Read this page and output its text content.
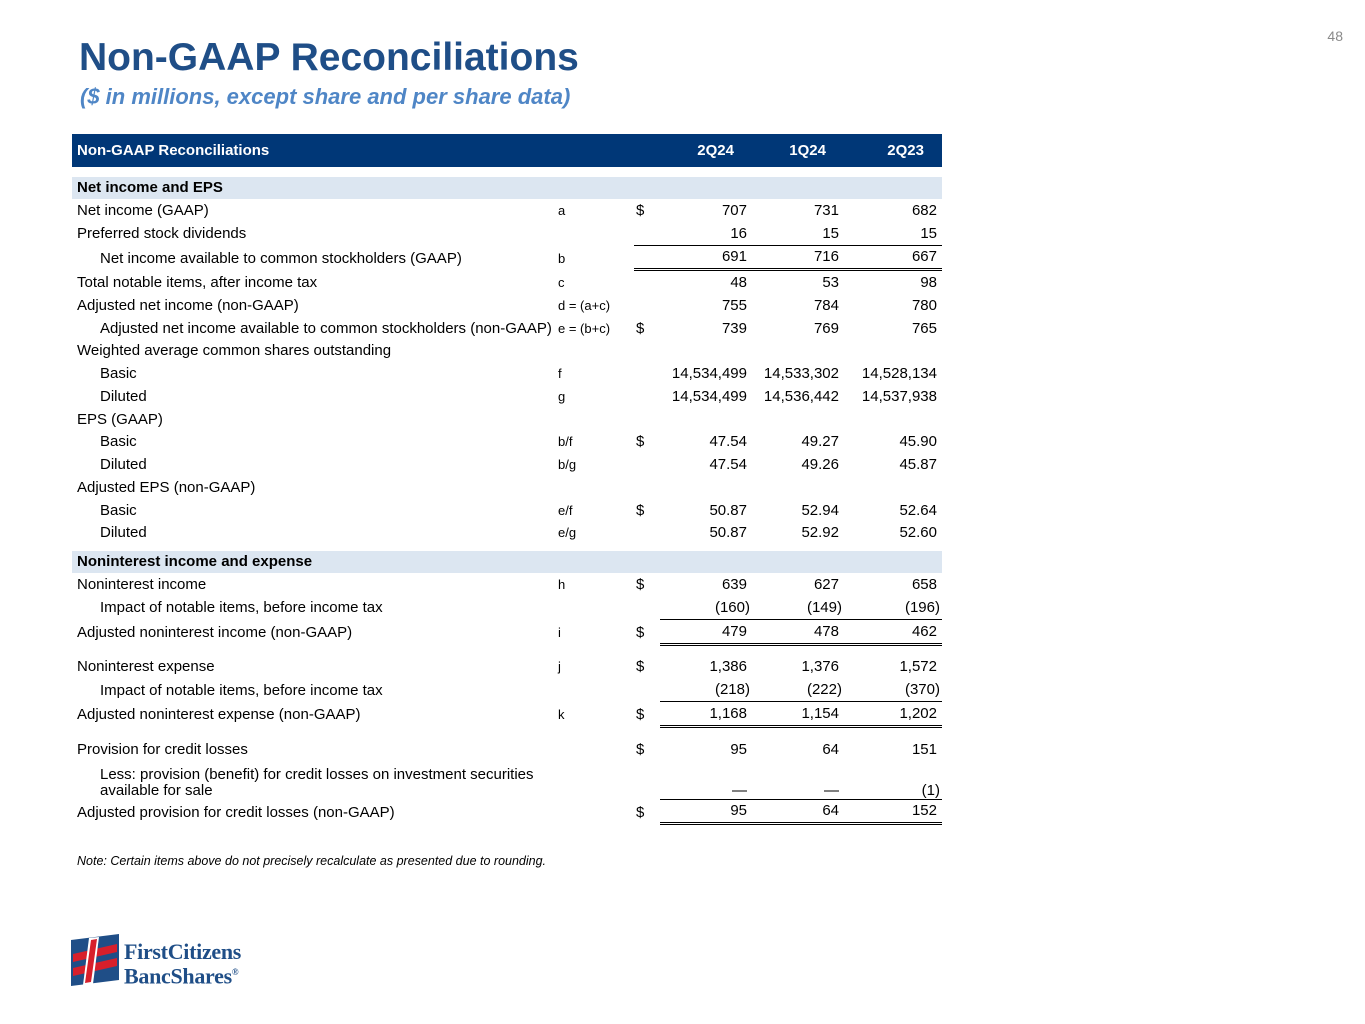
48
Non-GAAP Reconciliations
($ in millions, except share and per share data)
Non-GAAP Reconciliations			2Q24	1Q24	2Q23

Net income and EPS					
Net income (GAAP)	a	$	707	731	682
Preferred stock dividends			16	15	15
Net income available to common stockholders (GAAP)	b		691	716	667
Total notable items, after income tax	c		48	53	98
Adjusted net income (non-GAAP)	d = (a+c)		755	784	780
Adjusted net income available to common stockholders (non-GAAP)	e = (b+c)	$	739	769	765
Weighted average common shares outstanding					
Basic	f		14,534,499	14,533,302	14,528,134
Diluted	g		14,534,499	14,536,442	14,537,938
EPS (GAAP)					
Basic	b/f	$	47.54	49.27	45.90
Diluted	b/g		47.54	49.26	45.87
Adjusted EPS (non-GAAP)					
Basic	e/f	$	50.87	52.94	52.64
Diluted	e/g		50.87	52.92	52.60

Noninterest income and expense					
Noninterest income	h	$	639	627	658
Impact of notable items, before income tax			(160)	(149)	(196)
Adjusted noninterest income (non-GAAP)	i	$	479	478	462

Noninterest expense	j	$	1,386	1,376	1,572
Impact of notable items, before income tax			(218)	(222)	(370)
Adjusted noninterest expense (non-GAAP)	k	$	1,168	1,154	1,202

Provision for credit losses		$	95	64	151
Less: provision (benefit) for credit losses on investment securities
available for sale			—	—	(1)
Adjusted provision for credit losses (non-GAAP)		$	95	64	152
Note: Certain items above do not precisely recalculate as presented due to rounding.
FirstCitizens
BancShares®
